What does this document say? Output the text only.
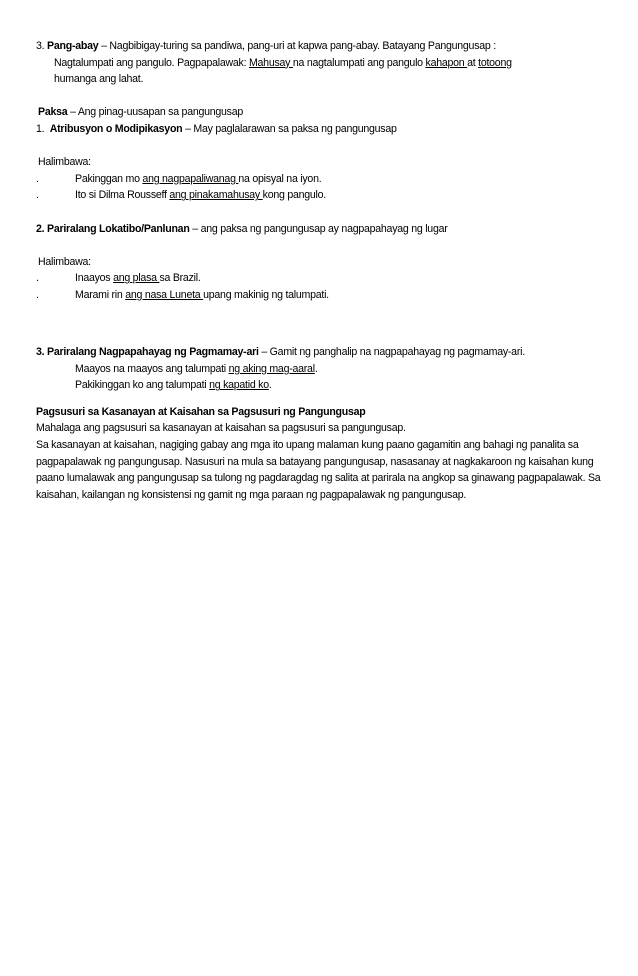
3. Pang-abay – Nagbibigay-turing sa pandiwa, pang-uri at kapwa pang-abay. Batayang Pangungusap :

Nagtalumpati ang pangulo. Pagpapalawak: Mahusay na nagtalumpati ang pangulo kahapon at totoong

humanga ang lahat.

Paksa – Ang pinag-uusapan sa pangungusap

1. Atribusyon o Modipikasyon – May paglalarawan sa paksa ng pangungusap

Halimbawa:

.	Pakinggan mo ang nagpapaliwanag na opisyal na iyon.
.	Ito si Dilma Rousseff ang pinakamahusay kong pangulo.

2. Pariralang Lokatibo/Panlunan – ang paksa ng pangungusap ay nagpapahayag ng lugar

Halimbawa:

.	Inaayos ang plasa sa Brazil.
.	Marami rin ang nasa Luneta upang makinig ng talumpati.

3. Pariralang Nagpapahayag ng Pagmamay-ari – Gamit ng panghalip na nagpapahayag ng pagmamay-ari.

Maayos na maayos ang talumpati ng aking mag-aaral.

Pakikinggan ko ang talumpati ng kapatid ko.

Pagsusuri sa Kasanayan at Kaisahan sa Pagsusuri ng Pangungusap

Mahalaga ang pagsusuri sa kasanayan at kaisahan sa pagsusuri sa pangungusap.

Sa kasanayan at kaisahan, nagiging gabay ang mga ito upang malaman kung paano gagamitin ang bahagi ng panalita sa pagpapalawak ng pangungusap. Nasusuri na mula sa batayang pangungusap, nasasanay at nagkakaroon ng kaisahan kung paano lumalawak ang pangungusap sa tulong ng pagdaragdag ng salita at parirala na angkop sa ginawang pagpapalawak. Sa kaisahan, kailangan ng konsistensi ng gamit ng mga paraan ng pagpapalawak ng pangungusap.
